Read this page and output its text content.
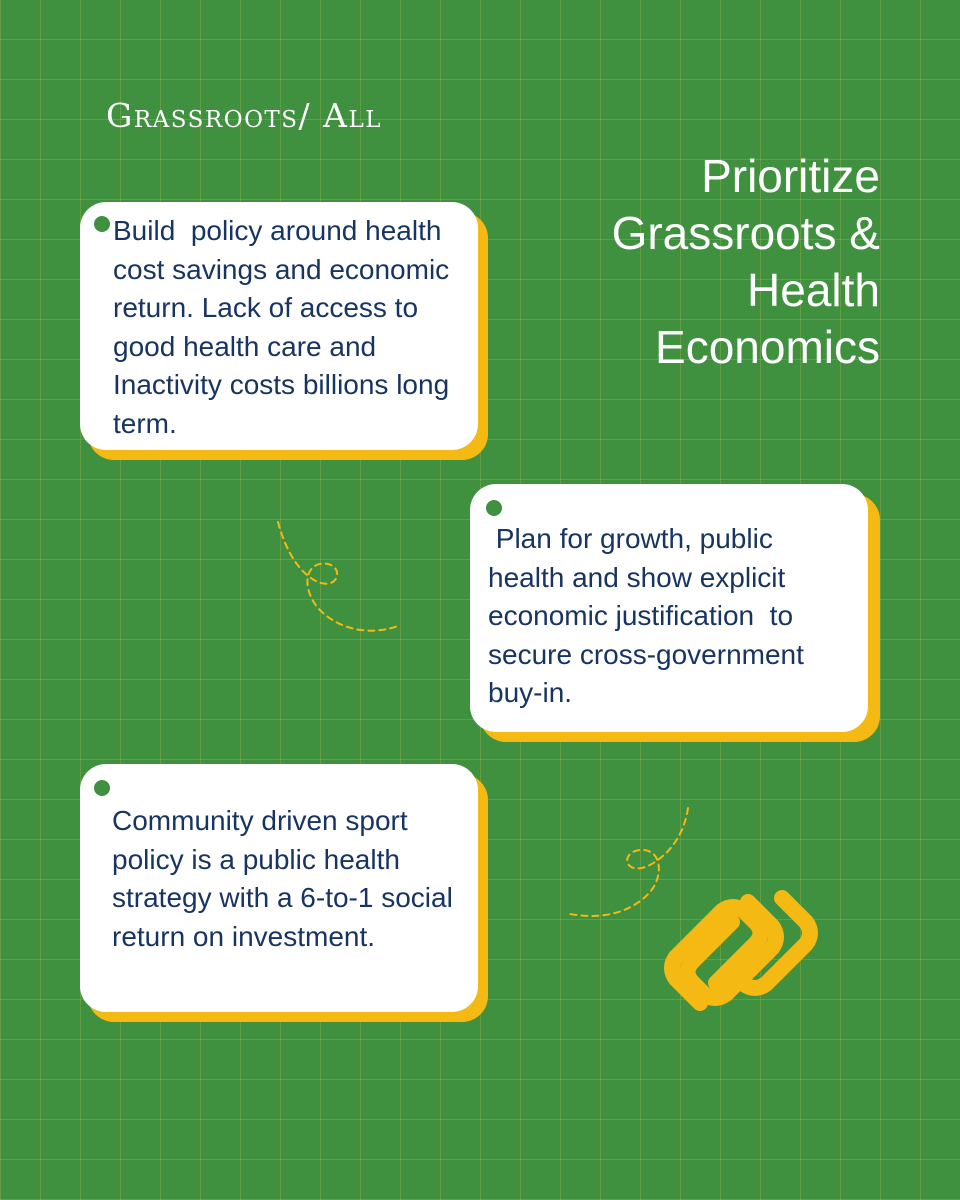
Grassroots/ All
Prioritize
Grassroots &
Health
Economics
Build  policy around health cost savings and economic return. Lack of access to good health care and Inactivity costs billions long term.
Plan for growth, public health and show explicit economic justification  to secure cross-government buy-in.
Community driven sport policy is a public health strategy with a 6-to-1 social return on investment.
